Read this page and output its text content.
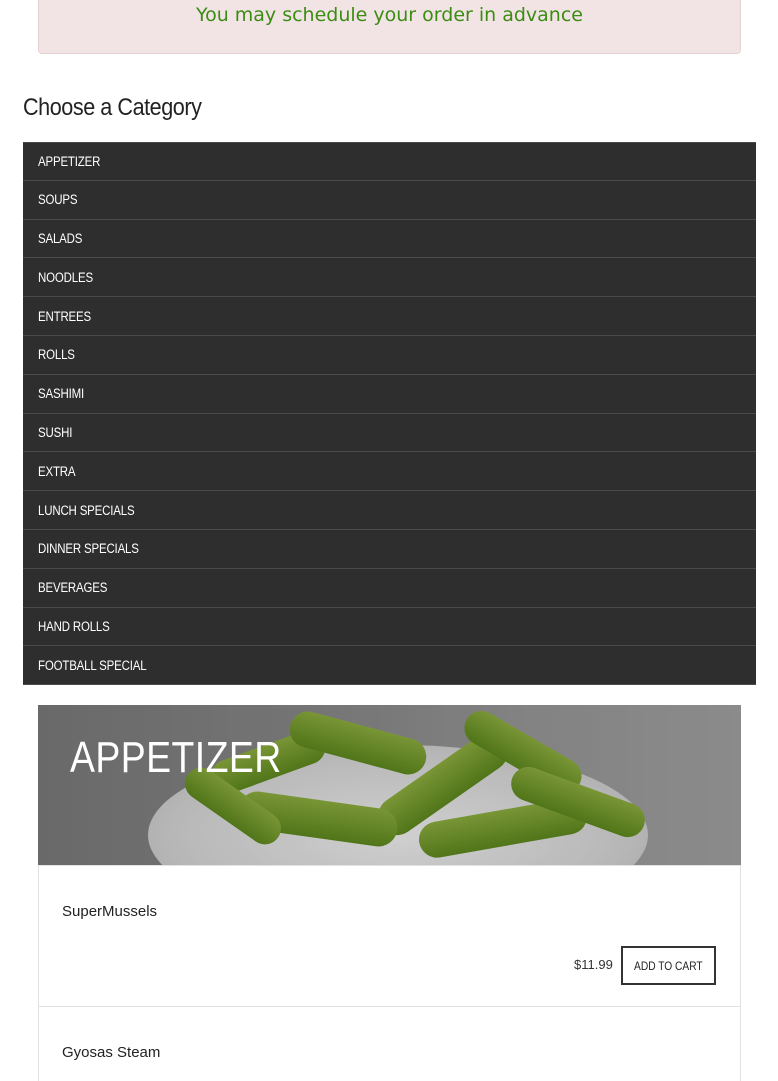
You may schedule your order in advance
Choose a Category
APPETIZER
SOUPS
SALADS
NOODLES
ENTREES
ROLLS
SASHIMI
SUSHI
EXTRA
LUNCH SPECIALS
DINNER SPECIALS
BEVERAGES
HAND ROLLS
FOOTBALL SPECIAL
APPETIZER
SuperMussels
$11.99 ADD TO CART
Gyosas Steam
